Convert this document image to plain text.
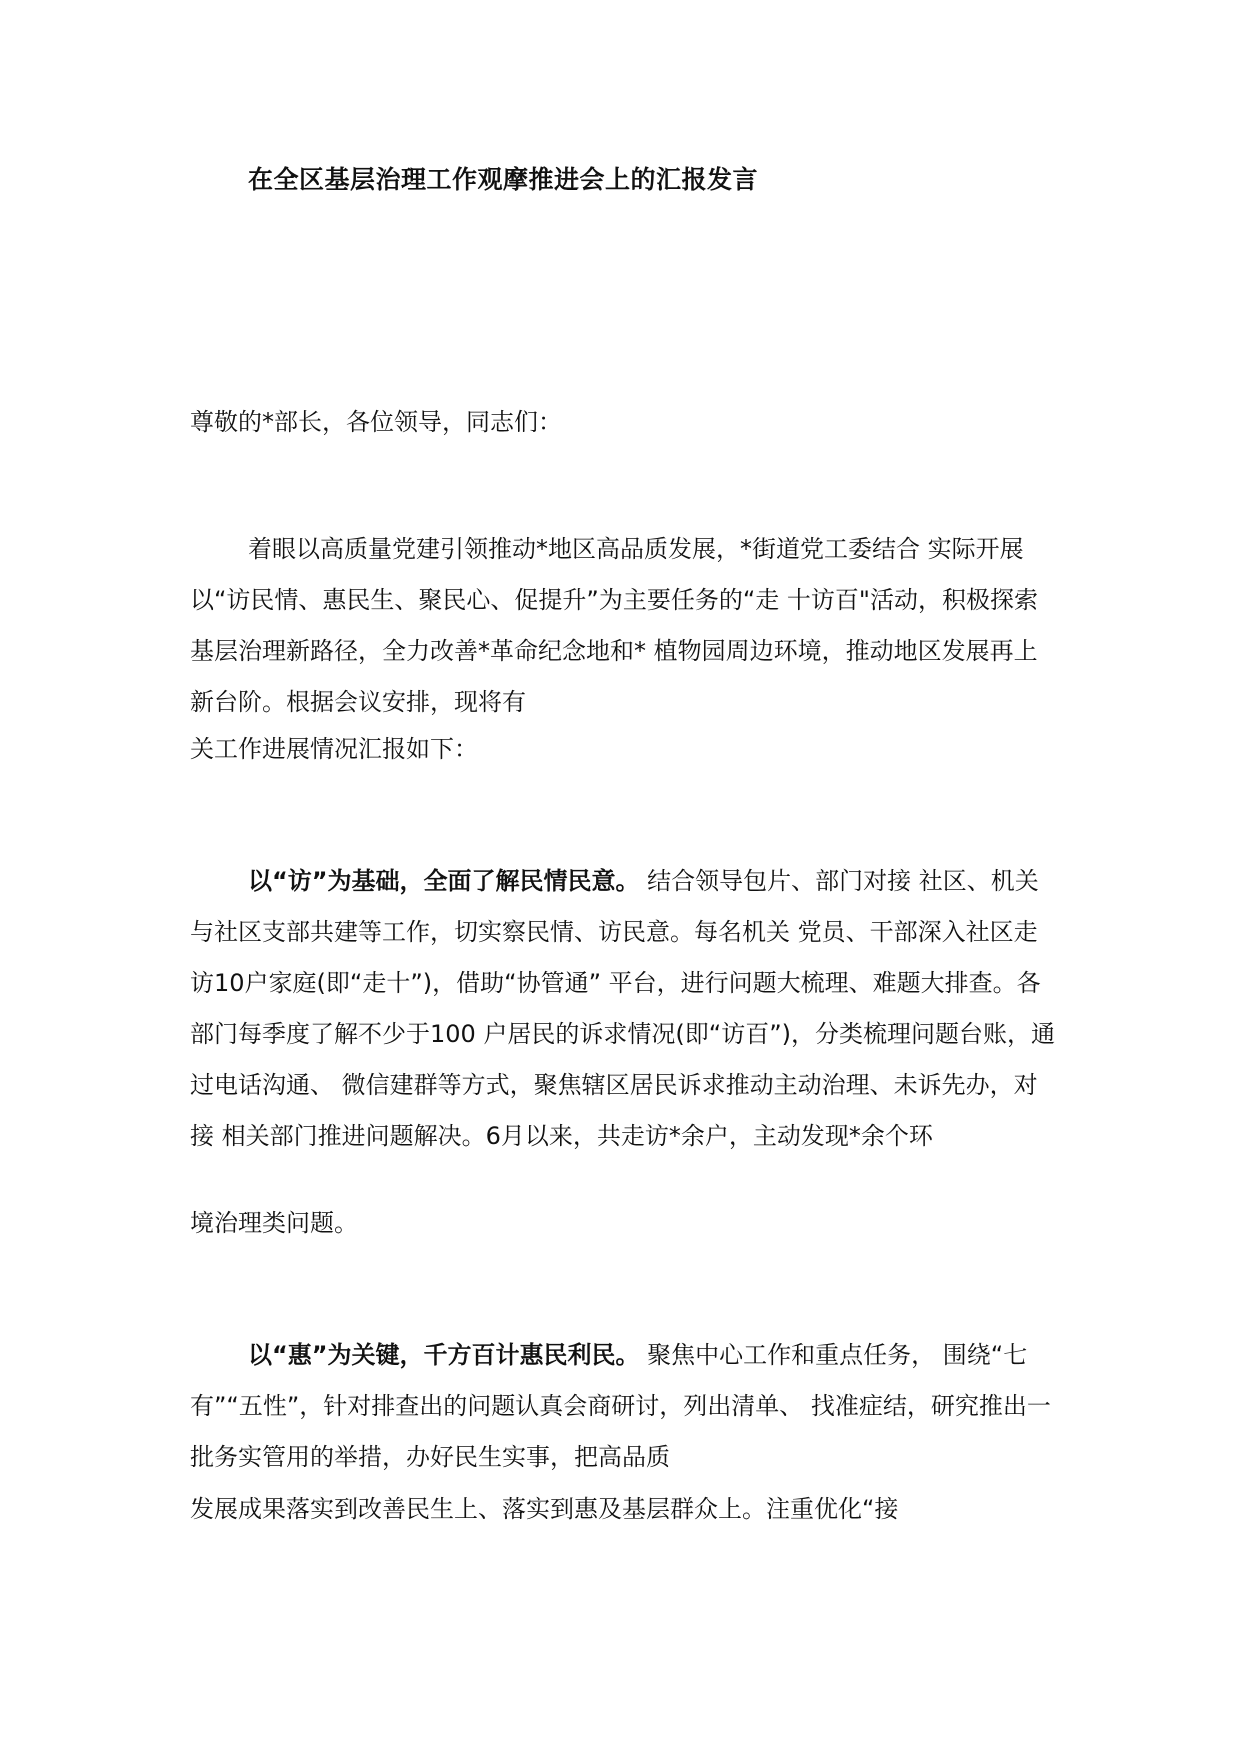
在全区基层治理工作观摩推进会上的汇报发言
尊敬的*部长，各位领导，同志们：
着眼以高质量党建引领推动*地区高品质发展，*街道党工委结合 实际开展以“访民情、惠民生、聚民心、促提升”为主要任务的“走 十访百"活动，积极探索基层治理新路径，全力改善*革命纪念地和* 植物园周边环境，推动地区发展再上新台阶。根据会议安排，现将有
关工作进展情况汇报如下：
以“访”为基础，全面了解民情民意。 结合领导包片、部门对接 社区、机关与社区支部共建等工作，切实察民情、访民意。每名机关 党员、干部深入社区走访10户家庭(即“走十”)，借助“协管通” 平台，进行问题大梳理、难题大排查。各部门每季度了解不少于100 户居民的诉求情况(即“访百”)，分类梳理问题台账，通过电话沟通、 微信建群等方式，聚焦辖区居民诉求推动主动治理、未诉先办，对接 相关部门推进问题解决。6月以来，共走访*余户，主动发现*余个环
境治理类问题。
以“惠”为关键，千方百计惠民利民。 聚焦中心工作和重点任务， 围绕“七有”“五性”，针对排查出的问题认真会商研讨，列出清单、 找准症结，研究推出一批务实管用的举措，办好民生实事，把高品质
发展成果落实到改善民生上、落实到惠及基层群众上。注重优化“接
